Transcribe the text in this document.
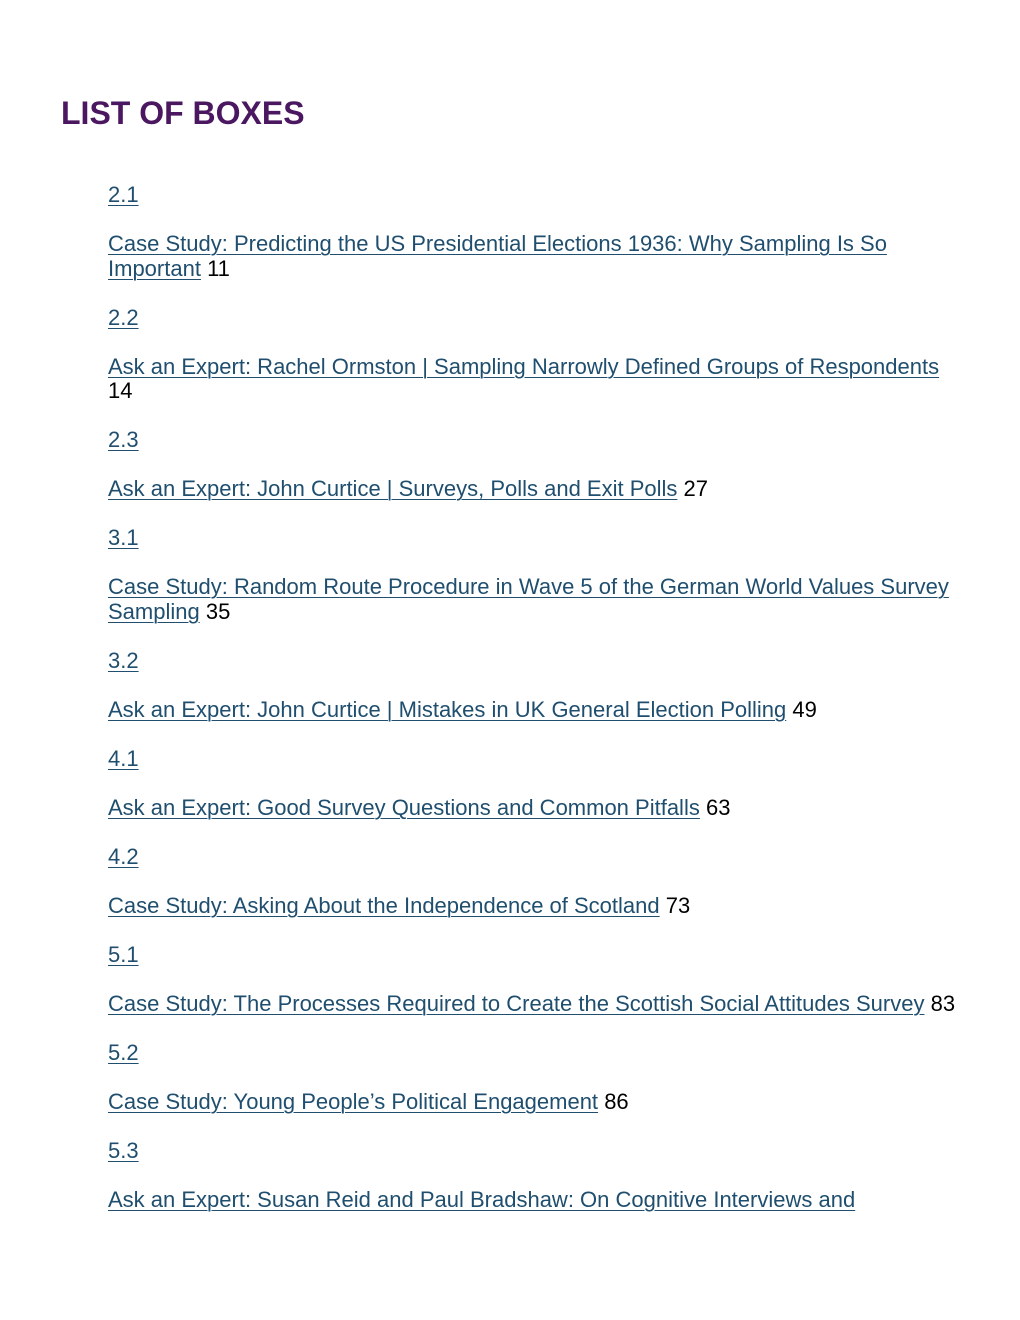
LIST OF BOXES

2.1

Case Study: Predicting the US Presidential Elections 1936: Why Sampling Is So Important 11

2.2

Ask an Expert: Rachel Ormston | Sampling Narrowly Defined Groups of Respondents 14

2.3

Ask an Expert: John Curtice | Surveys, Polls and Exit Polls 27

3.1

Case Study: Random Route Procedure in Wave 5 of the German World Values Survey Sampling 35

3.2

Ask an Expert: John Curtice | Mistakes in UK General Election Polling 49

4.1

Ask an Expert: Good Survey Questions and Common Pitfalls 63

4.2

Case Study: Asking About the Independence of Scotland 73

5.1

Case Study: The Processes Required to Create the Scottish Social Attitudes Survey 83

5.2

Case Study: Young People’s Political Engagement 86

5.3

Ask an Expert: Susan Reid and Paul Bradshaw: On Cognitive Interviews and
